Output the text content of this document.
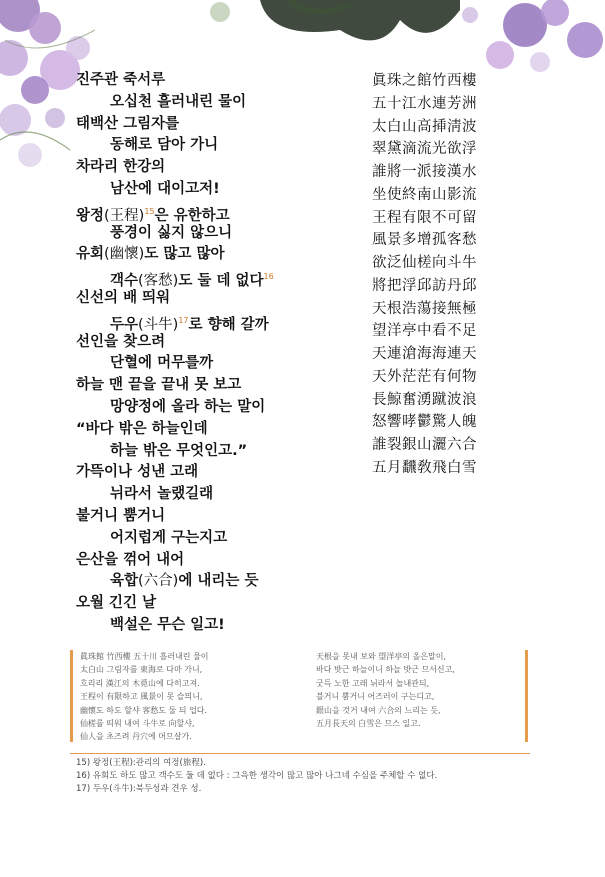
진주관 죽서루
오십천 흘러내린 물이
태백산 그림자를
동해로 담아 가니
차라리 한강의
남산에 대이고저!
왕정(王程)$^{15}$은 유한하고
풍경이 싫지 않으니
유회(幽懷)도 많고 많아
객수(客愁)도 둘 데 없다$^{16}$
신선의 배 띄워
두우(斗牛)$^{17}$로 향해 갈까
선인을 찾으려
단혈에 머무를까
하늘 맨 끝을 끝내 못 보고
망양정에 올라 하는 말이
“바다 밖은 하늘인데
하늘 밖은 무엇인고.”
가뜩이나 성낸 고래
뉘라서 놀랬길래
불거니 뿜거니
어지럽게 구는지고
은산을 꺾어 내어
육합(六合)에 내리는 듯
오월 긴긴 날
백설은 무슨 일고!
眞珠之館竹西樓
五十江水連芳洲
太白山高揷淸波
翠黛滴流光欲浮
誰將一派接漢水
坐使終南山影流
王程有限不可留
風景多增孤客愁
欲泛仙槎向斗牛
將把浮邱訪丹邱
天根浩蕩接無極
望洋亭中看不足
天連滄海海連天
天外茫茫有何物
長鯨奮湧蹴波浪
怒響哮鬱驚人魄
誰裂銀山灑六合
五月飜敎飛白雪
眞珠館 竹西樓 五十川 흘러내린 물이
太白山 그림자를 東海로 다마 가니,
흐리리 漢江의 木覓山에 다히고져.
王程이 有限하고 風景이 못 슬믜니,
幽懷도 하도 할샤 客愁도 둘 듸 업다.
仙槎를 띄워 내여 斗牛로 向할샤,
仙人을 초즈려 丹穴에 머므살가.
天根을 못내 보와 望洋亭의 올은말이,
바다 밧근 하늘이니 하늘 밧근 므서신고,
굿득 노한 고래 뉘라서 놀내관듸,
블거니 뿜거니 어즈러이 구는디고,
銀山을 것거 내여 六合의 느리는 듯,
五月長天의 白雪은 므스 일고.
15) 왕정(王程):관리의 여정(旅程).
16) 유회도 하도 많고 객수도 둘 데 없다 : 그윽한 생각이 많고 많아 나그네 수심을 주체할 수 없다.
17) 두우(斗牛):북두성과 견우 성.
